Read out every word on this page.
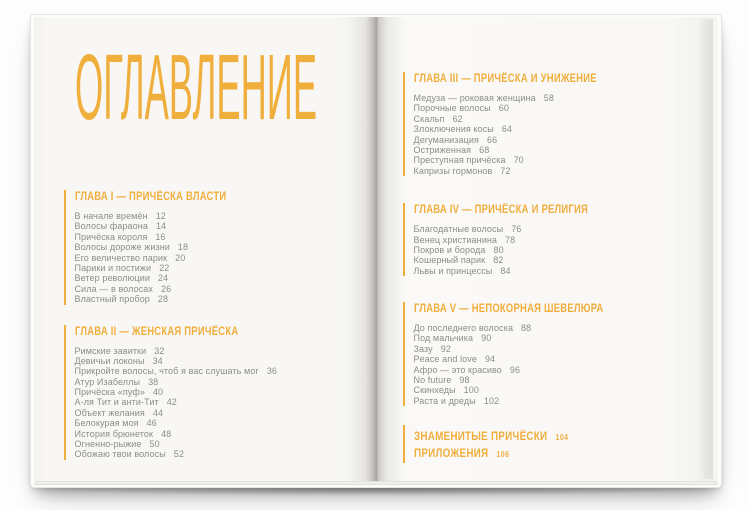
ОГЛАВЛЕНИЕ
ГЛАВА I — ПРИЧЁСКА ВЛАСТИ
В начале времён 12
Волосы фараона 14
Причёска короля 16
Волосы дороже жизни 18
Его величество парик 20
Парики и постижи 22
Ветер революции 24
Сила — в волосах 26
Властный пробор 28
ГЛАВА II — ЖЕНСКАЯ ПРИЧЁСКА
Римские завитки 32
Девичьи локоны 34
Прикройте волосы, чтоб я вас слушать мог 36
Атур Изабеллы 38
Причёска «пуф» 40
А-ля Тит и анти-Тит 42
Объект желания 44
Белокурая моя 46
История брюнеток 48
Огненно-рыжие 50
Обожаю твои волосы 52
ГЛАВА III — ПРИЧЁСКА И УНИЖЕНИЕ
Медуза — роковая женщина 58
Порочные волосы 60
Скальп 62
Злоключения косы 64
Дегуманизация 66
Остриженная 68
Преступная причёска 70
Капризы гормонов 72
ГЛАВА IV — ПРИЧЁСКА И РЕЛИГИЯ
Благодатные волосы 76
Венец христианина 78
Покров и борода 80
Кошерный парик 82
Львы и принцессы 84
ГЛАВА V — НЕПОКОРНАЯ ШЕВЕЛЮРА
До последнего волоска 88
Под мальчика 90
Зазу 92
Peace and love 94
Афро — это красиво 96
No future 98
Скинхеды 100
Раста и дреды 102
ЗНАМЕНИТЫЕ ПРИЧЁСКИ 104
ПРИЛОЖЕНИЯ 106
